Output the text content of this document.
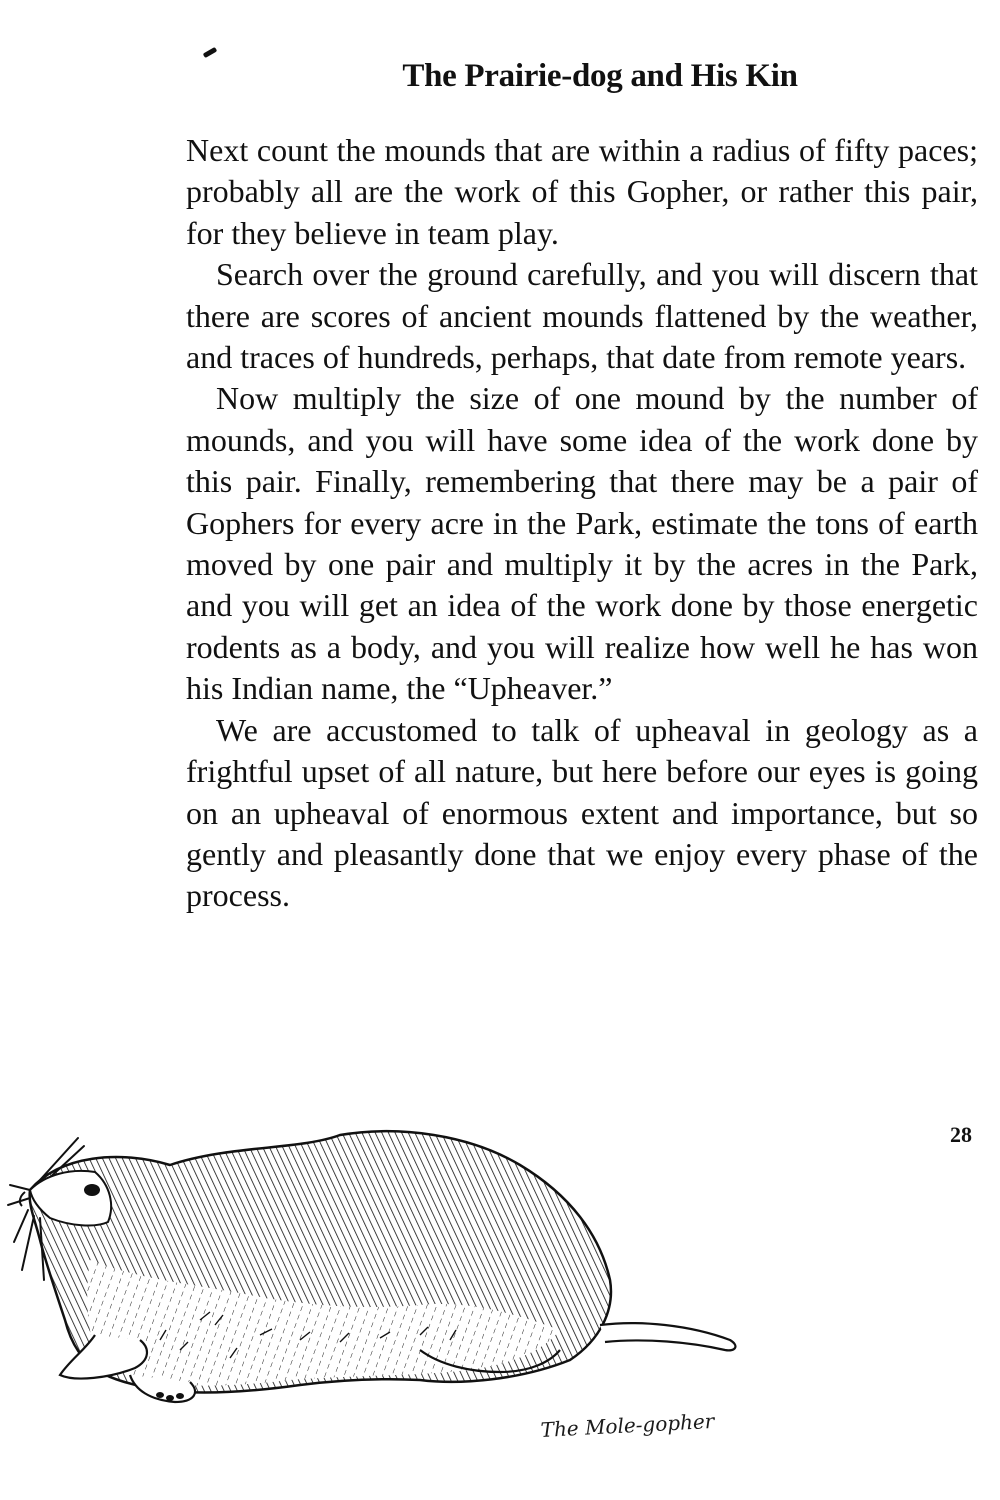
The Prairie-dog and His Kin

Next count the mounds that are within a radius of fifty paces; probably all are the work of this Gopher, or rather this pair, for they believe in team play.

Search over the ground carefully, and you will discern that there are scores of ancient mounds flattened by the weather, and traces of hundreds, perhaps, that date from remote years.

Now multiply the size of one mound by the number of mounds, and you will have some idea of the work done by this pair. Finally, remembering that there may be a pair of Gophers for every acre in the Park, estimate the tons of earth moved by one pair and multiply it by the acres in the Park, and you will get an idea of the work done by those energetic rodents as a body, and you will realize how well he has won his Indian name, the “Upheaver.”

We are accustomed to talk of upheaval in geology as a frightful upset of all nature, but here before our eyes is going on an upheaval of enormous extent and importance, but so gently and pleasantly done that we enjoy every phase of the process.

28
The Mole-gopher
